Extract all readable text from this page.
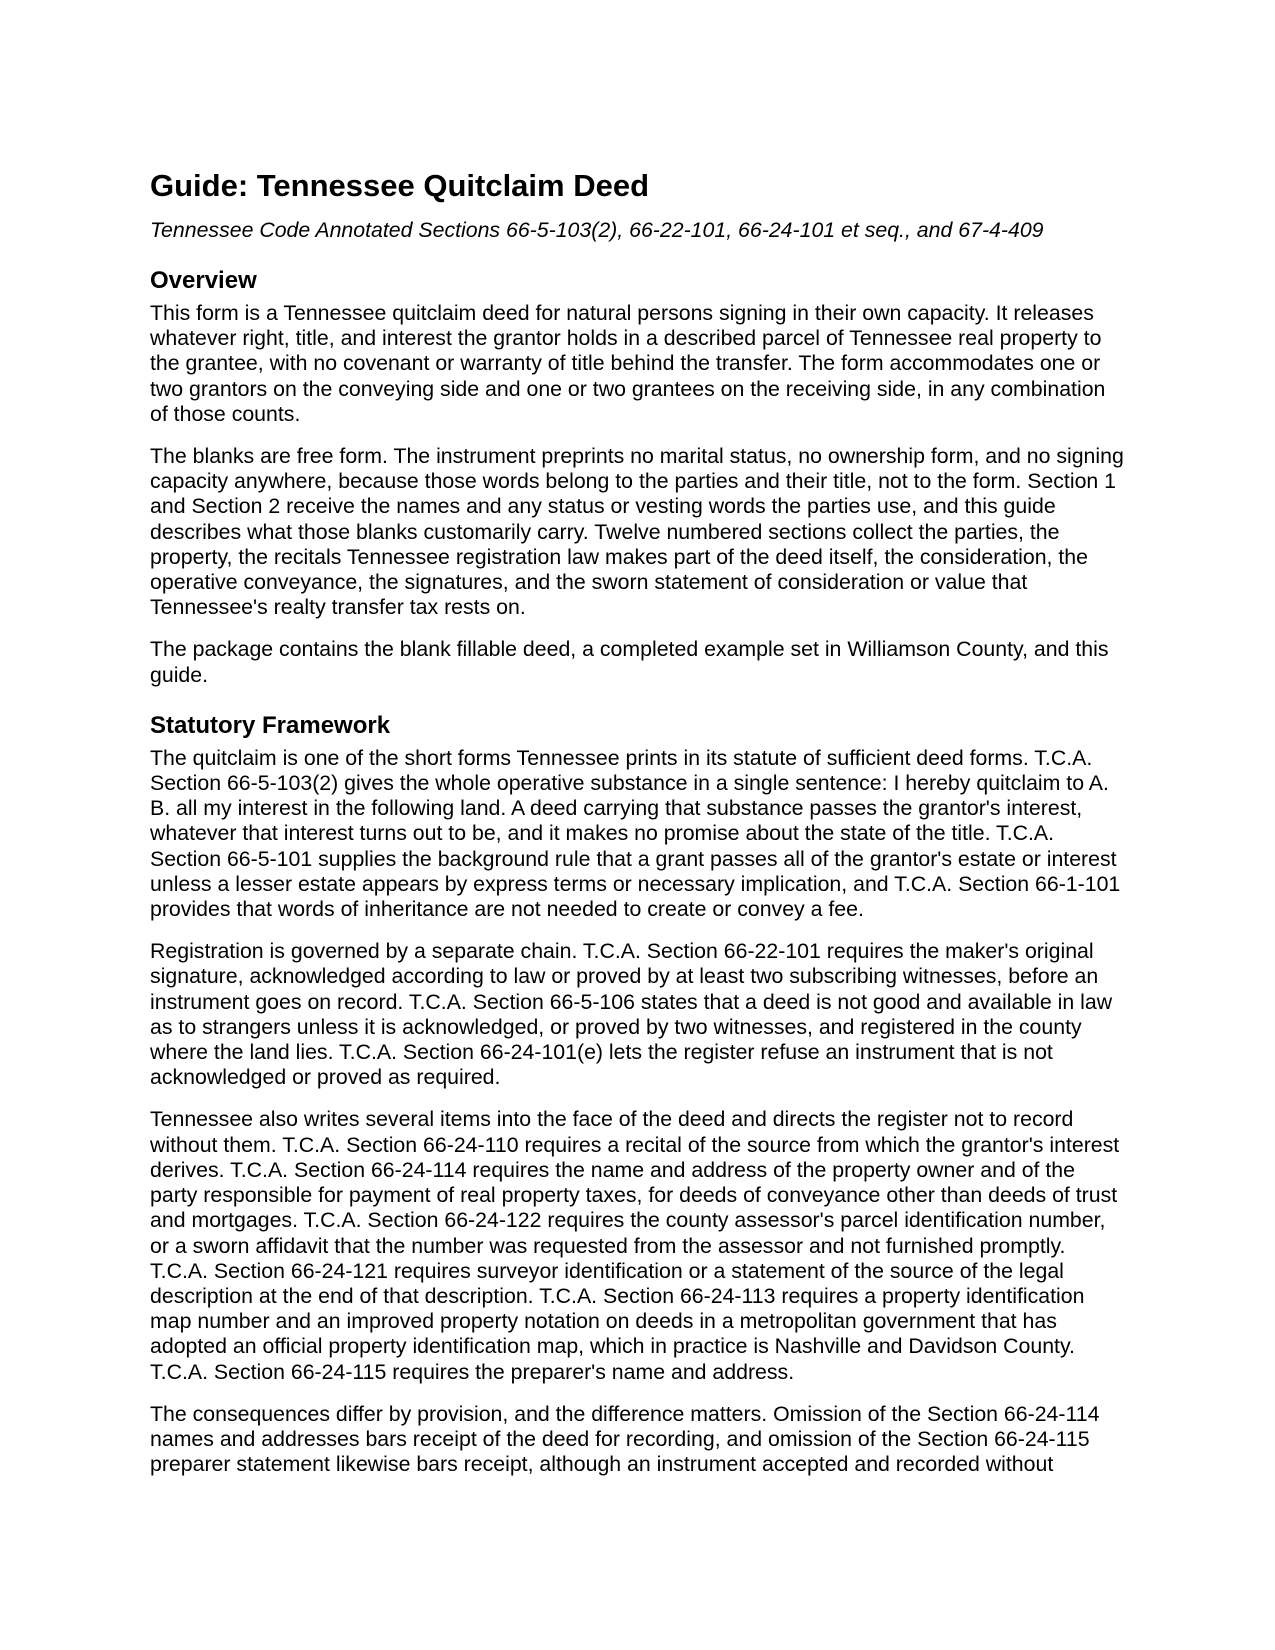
Guide: Tennessee Quitclaim Deed

Tennessee Code Annotated Sections 66-5-103(2), 66-22-101, 66-24-101 et seq., and 67-4-409

Overview

This form is a Tennessee quitclaim deed for natural persons signing in their own capacity. It releases whatever right, title, and interest the grantor holds in a described parcel of Tennessee real property to the grantee, with no covenant or warranty of title behind the transfer. The form accommodates one or two grantors on the conveying side and one or two grantees on the receiving side, in any combination of those counts.

The blanks are free form. The instrument preprints no marital status, no ownership form, and no signing capacity anywhere, because those words belong to the parties and their title, not to the form. Section 1 and Section 2 receive the names and any status or vesting words the parties use, and this guide describes what those blanks customarily carry. Twelve numbered sections collect the parties, the property, the recitals Tennessee registration law makes part of the deed itself, the consideration, the operative conveyance, the signatures, and the sworn statement of consideration or value that Tennessee's realty transfer tax rests on.

The package contains the blank fillable deed, a completed example set in Williamson County, and this guide.

Statutory Framework

The quitclaim is one of the short forms Tennessee prints in its statute of sufficient deed forms. T.C.A. Section 66-5-103(2) gives the whole operative substance in a single sentence: I hereby quitclaim to A. B. all my interest in the following land. A deed carrying that substance passes the grantor's interest, whatever that interest turns out to be, and it makes no promise about the state of the title. T.C.A. Section 66-5-101 supplies the background rule that a grant passes all of the grantor's estate or interest unless a lesser estate appears by express terms or necessary implication, and T.C.A. Section 66-1-101 provides that words of inheritance are not needed to create or convey a fee.

Registration is governed by a separate chain. T.C.A. Section 66-22-101 requires the maker's original signature, acknowledged according to law or proved by at least two subscribing witnesses, before an instrument goes on record. T.C.A. Section 66-5-106 states that a deed is not good and available in law as to strangers unless it is acknowledged, or proved by two witnesses, and registered in the county where the land lies. T.C.A. Section 66-24-101(e) lets the register refuse an instrument that is not acknowledged or proved as required.

Tennessee also writes several items into the face of the deed and directs the register not to record without them. T.C.A. Section 66-24-110 requires a recital of the source from which the grantor's interest derives. T.C.A. Section 66-24-114 requires the name and address of the property owner and of the party responsible for payment of real property taxes, for deeds of conveyance other than deeds of trust and mortgages. T.C.A. Section 66-24-122 requires the county assessor's parcel identification number, or a sworn affidavit that the number was requested from the assessor and not furnished promptly. T.C.A. Section 66-24-121 requires surveyor identification or a statement of the source of the legal description at the end of that description. T.C.A. Section 66-24-113 requires a property identification map number and an improved property notation on deeds in a metropolitan government that has adopted an official property identification map, which in practice is Nashville and Davidson County. T.C.A. Section 66-24-115 requires the preparer's name and address.

The consequences differ by provision, and the difference matters. Omission of the Section 66-24-114 names and addresses bars receipt of the deed for recording, and omission of the Section 66-24-115 preparer statement likewise bars receipt, although an instrument accepted and recorded without
